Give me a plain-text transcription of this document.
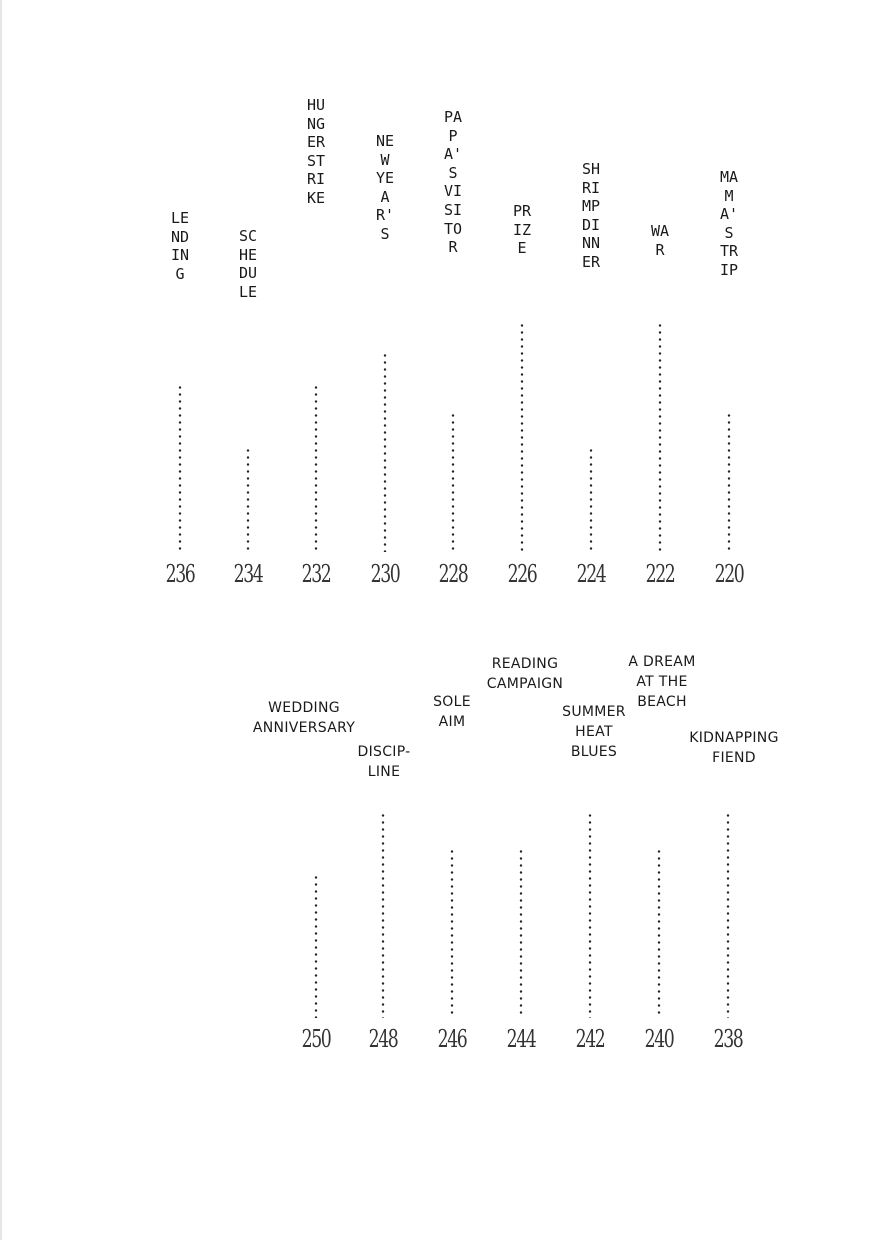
LENDING
236
SCHEDULE
234
HUNGER STRIKE
232
NEW YEAR'S
230
PAPA'S VISITOR
228
PRIZE
226
SHRIMP DINNER
224
WAR
222
MAMA'S TRIP
220
WEDDING
ANNIVERSARY
250
DISCIP-
LINE
248
SOLE
AIM
246
READING
CAMPAIGN
244
SUMMER
HEAT
BLUES
242
A DREAM
AT THE
BEACH
240
KIDNAPPING
FIEND
238
